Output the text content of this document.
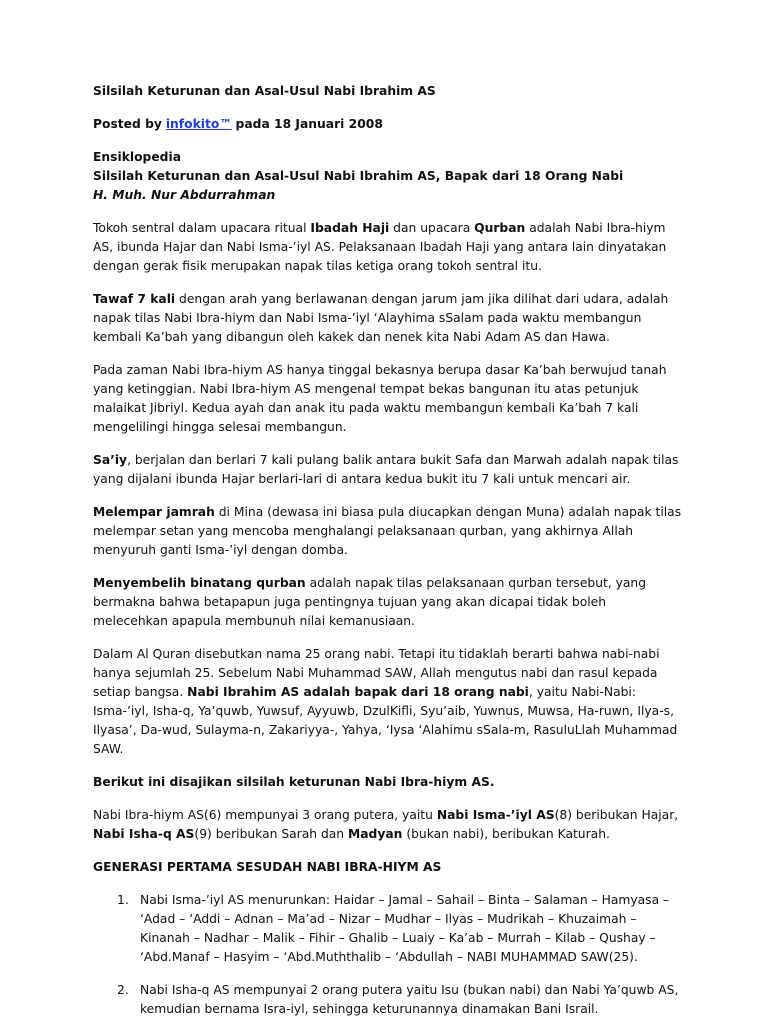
Silsilah Keturunan dan Asal-Usul Nabi Ibrahim AS

Posted by infokito™ pada 18 Januari 2008

Ensiklopedia

Silsilah Keturunan dan Asal-Usul Nabi Ibrahim AS, Bapak dari 18 Orang Nabi

H. Muh. Nur Abdurrahman

Tokoh sentral dalam upacara ritual Ibadah Haji dan upacara Qurban adalah Nabi Ibra-hiym AS, ibunda Hajar dan Nabi Isma-’iyl AS. Pelaksanaan Ibadah Haji yang antara lain dinyatakan dengan gerak fisik merupakan napak tilas ketiga orang tokoh sentral itu.

Tawaf 7 kali dengan arah yang berlawanan dengan jarum jam jika dilihat dari udara, adalah napak tilas Nabi Ibra-hiym dan Nabi Isma-’iyl ‘Alayhima sSalam pada waktu membangun kembali Ka’bah yang dibangun oleh kakek dan nenek kita Nabi Adam AS dan Hawa.

Pada zaman Nabi Ibra-hiym AS hanya tinggal bekasnya berupa dasar Ka’bah berwujud tanah yang ketinggian. Nabi Ibra-hiym AS mengenal tempat bekas bangunan itu atas petunjuk malaikat Jibriyl. Kedua ayah dan anak itu pada waktu membangun kembali Ka’bah 7 kali mengelilingi hingga selesai membangun.

Sa’iy, berjalan dan berlari 7 kali pulang balik antara bukit Safa dan Marwah adalah napak tilas yang dijalani ibunda Hajar berlari-lari di antara kedua bukit itu 7 kali untuk mencari air.

Melempar jamrah di Mina (dewasa ini biasa pula diucapkan dengan Muna) adalah napak tilas melempar setan yang mencoba menghalangi pelaksanaan qurban, yang akhirnya Allah menyuruh ganti Isma-’iyl dengan domba.

Menyembelih binatang qurban adalah napak tilas pelaksanaan qurban tersebut, yang bermakna bahwa betapapun juga pentingnya tujuan yang akan dicapai tidak boleh melecehkan apapula membunuh nilai kemanusiaan.

Dalam Al Quran disebutkan nama 25 orang nabi. Tetapi itu tidaklah berarti bahwa nabi-nabi hanya sejumlah 25. Sebelum Nabi Muhammad SAW, Allah mengutus nabi dan rasul kepada setiap bangsa. Nabi Ibrahim AS adalah bapak dari 18 orang nabi, yaitu Nabi-Nabi: Isma-’iyl, Isha-q, Ya’quwb, Yuwsuf, Ayyuwb, DzulKifli, Syu’aib, Yuwnus, Muwsa, Ha-ruwn, Ilya-s, Ilyasa’, Da-wud, Sulayma-n, Zakariyya-, Yahya, ‘Iysa ‘Alahimu sSala-m, RasuluLlah Muhammad SAW.

Berikut ini disajikan silsilah keturunan Nabi Ibra-hiym AS.

Nabi Ibra-hiym AS(6) mempunyai 3 orang putera, yaitu Nabi Isma-’iyl AS(8) beribukan Hajar, Nabi Isha-q AS(9) beribukan Sarah dan Madyan (bukan nabi), beribukan Katurah.

GENERASI PERTAMA SESUDAH NABI IBRA-HIYM AS

1. Nabi Isma-’iyl AS menurunkan: Haidar – Jamal – Sahail – Binta – Salaman – Hamyasa – ‘Adad – ‘Addi – Adnan – Ma’ad – Nizar – Mudhar – Ilyas – Mudrikah – Khuzaimah – Kinanah – Nadhar – Malik – Fihir – Ghalib – Luaiy – Ka’ab – Murrah – Kilab – Qushay – ‘Abd.Manaf – Hasyim – ‘Abd.Muththalib – ‘Abdullah – NABI MUHAMMAD SAW(25).
2. Nabi Isha-q AS mempunyai 2 orang putera yaitu Isu (bukan nabi) dan Nabi Ya’quwb AS, kemudian bernama Isra-iyl, sehingga keturunannya dinamakan Bani Israil.
